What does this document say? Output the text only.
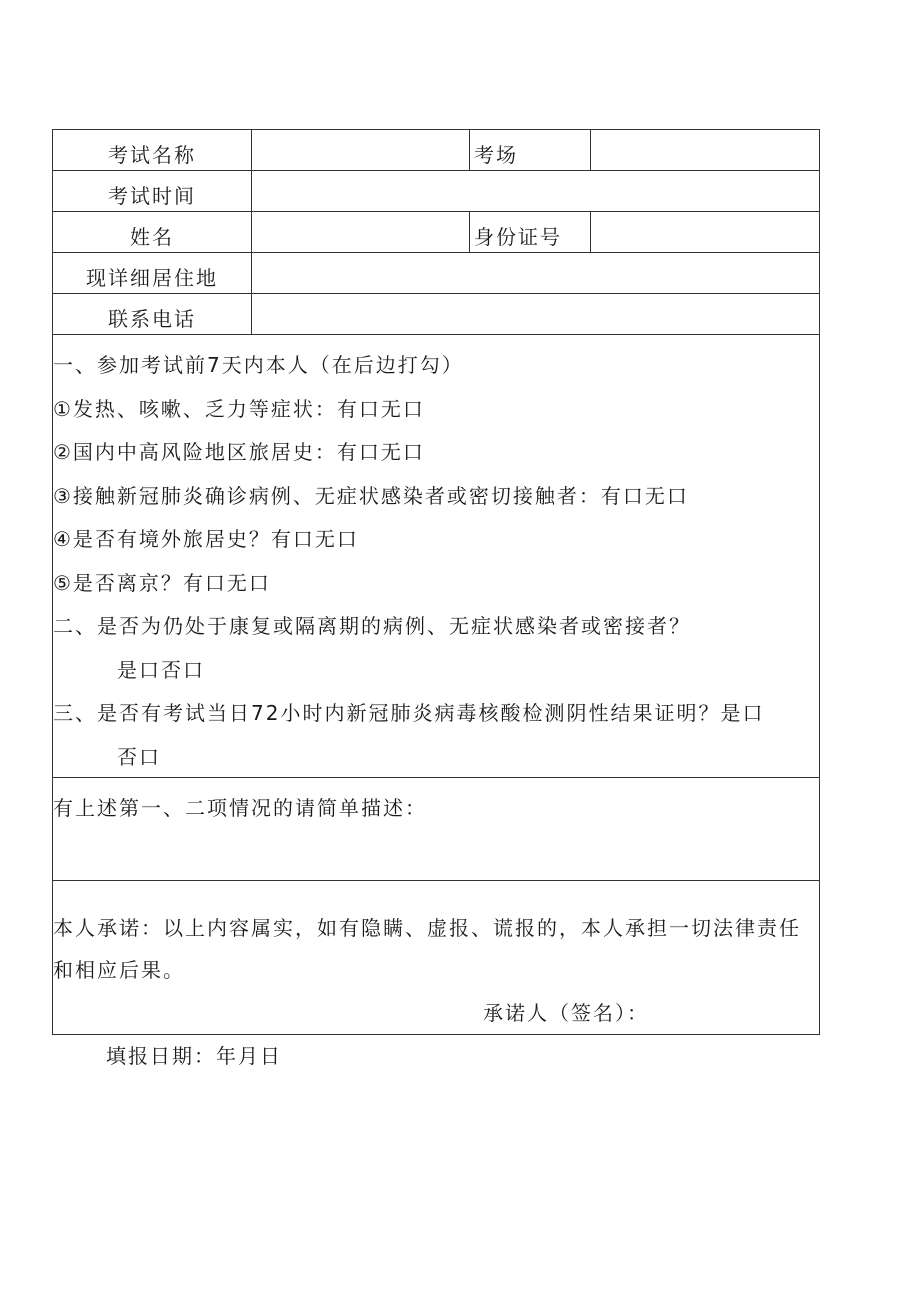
考试名称	考场
考试时间
姓名	身份证号
现详细居住地
联系电话
一、参加考试前7天内本人（在后边打勾）
①发热、咳嗽、乏力等症状：有口无口
②国内中高风险地区旅居史：有口无口
③接触新冠肺炎确诊病例、无症状感染者或密切接触者：有口无口
④是否有境外旅居史？有口无口
⑤是否离京？有口无口
二、是否为仍处于康复或隔离期的病例、无症状感染者或密接者？
是口否口
三、是否有考试当日72小时内新冠肺炎病毒核酸检测阴性结果证明？是口
否口
有上述第一、二项情况的请简单描述：
本人承诺：以上内容属实，如有隐瞒、虚报、谎报的，本人承担一切法律责任和相应后果。
承诺人（签名）：
填报日期：年月日
